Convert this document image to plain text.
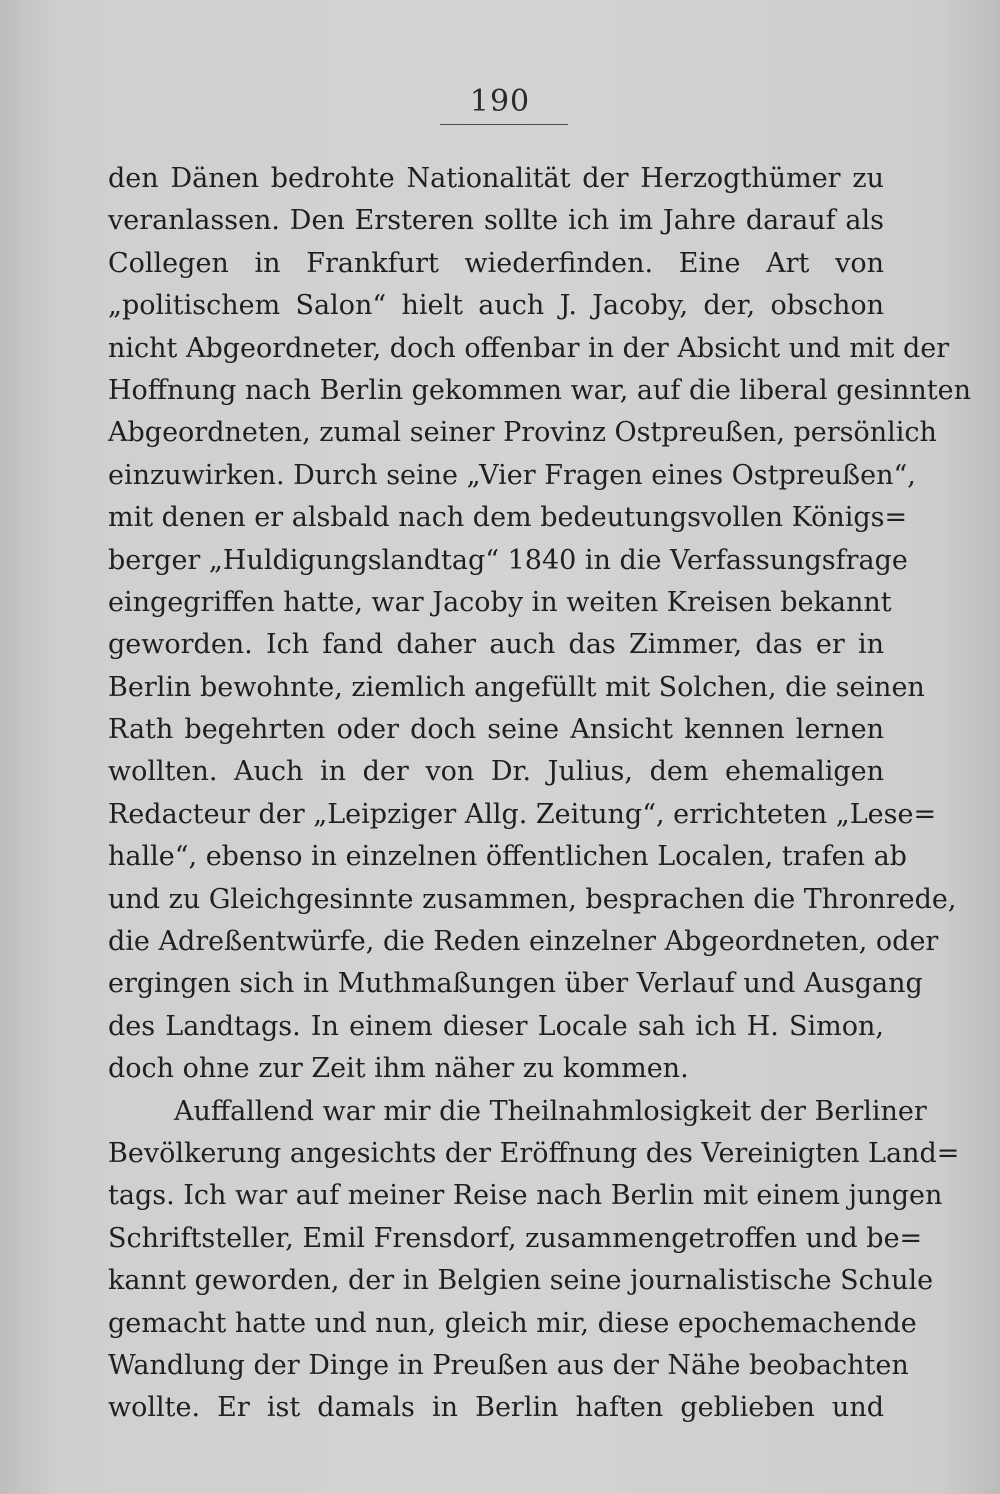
190
den Dänen bedrohte Nationalität der Herzogthümer zu
veranlassen. Den Ersteren sollte ich im Jahre darauf als
Collegen in Frankfurt wiederfinden. Eine Art von
„politischem Salon“ hielt auch J. Jacoby, der, obschon
nicht Abgeordneter, doch offenbar in der Absicht und mit der
Hoffnung nach Berlin gekommen war, auf die liberal gesinnten
Abgeordneten, zumal seiner Provinz Ostpreußen, persönlich
einzuwirken. Durch seine „Vier Fragen eines Ostpreußen“,
mit denen er alsbald nach dem bedeutungsvollen Königs=
berger „Huldigungslandtag“ 1840 in die Verfassungsfrage
eingegriffen hatte, war Jacoby in weiten Kreisen bekannt
geworden. Ich fand daher auch das Zimmer, das er in
Berlin bewohnte, ziemlich angefüllt mit Solchen, die seinen
Rath begehrten oder doch seine Ansicht kennen lernen
wollten. Auch in der von Dr. Julius, dem ehemaligen
Redacteur der „Leipziger Allg. Zeitung“, errichteten „Lese=
halle“, ebenso in einzelnen öffentlichen Localen, trafen ab
und zu Gleichgesinnte zusammen, besprachen die Thronrede,
die Adreßentwürfe, die Reden einzelner Abgeordneten, oder
ergingen sich in Muthmaßungen über Verlauf und Ausgang
des Landtags. In einem dieser Locale sah ich H. Simon,
doch ohne zur Zeit ihm näher zu kommen.
Auffallend war mir die Theilnahmlosigkeit der Berliner
Bevölkerung angesichts der Eröffnung des Vereinigten Land=
tags. Ich war auf meiner Reise nach Berlin mit einem jungen
Schriftsteller, Emil Frensdorf, zusammengetroffen und be=
kannt geworden, der in Belgien seine journalistische Schule
gemacht hatte und nun, gleich mir, diese epochemachende
Wandlung der Dinge in Preußen aus der Nähe beobachten
wollte. Er ist damals in Berlin haften geblieben und
